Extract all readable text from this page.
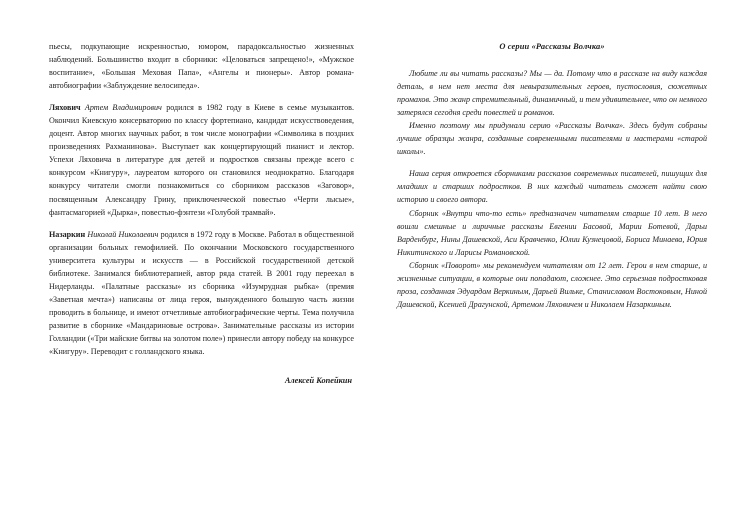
пьесы, подкупающие искренностью, юмором, парадоксальностью жизненных наблюдений. Большинство входит в сборники: «Целоваться запрещено!», «Мужское воспитание», «Большая Меховая Папа», «Ангелы и пионеры». Автор романа-автобиографии «Заблуждение велосипеда».

Ляхович Артем Владимирович родился в 1982 году в Киеве в семье музыкантов. Окончил Киевскую консерваторию по классу фортепиано, кандидат искусствоведения, доцент. Автор многих научных работ, в том числе монографии «Символика в поздних произведениях Рахманинова». Выступает как концертирующий пианист и лектор. Успехи Ляховича в литературе для детей и подростков связаны прежде всего с конкурсом «Книгуру», лауреатом которого он становился неоднократно. Благодаря конкурсу читатели смогли познакомиться со сборником рассказов «Заговор», посвященным Александру Грину, приключенческой повестью «Черти лысые», фантасмагорией «Дырка», повестью-фэнтези «Голубой трамвай».

Назаркин Николай Николаевич родился в 1972 году в Москве. Работал в общественной организации больных гемофилией. По окончании Московского государственного университета культуры и искусств — в Российской государственной детской библиотеке. Занимался библиотерапией, автор ряда статей. В 2001 году переехал в Нидерланды. «Палатные рассказы» из сборника «Изумрудная рыбка» (премия «Заветная мечта») написаны от лица героя, вынужденного большую часть жизни проводить в больнице, и имеют отчетливые автобиографические черты. Тема получила развитие в сборнике «Мандариновые острова». Занимательные рассказы из истории Голландии («Три майские битвы на золотом поле») принесли автору победу на конкурсе «Книгуру». Переводит с голландского языка.

Алексей Копейкин
О серии «Рассказы Волчка»

Любите ли вы читать рассказы? Мы — да. Потому что в рассказе на виду каждая деталь, в нем нет места для невыразительных героев, пустословия, сюжетных промахов. Это жанр стремительный, динамичный, и тем удивительнее, что он немного затерялся сегодня среди повестей и романов.

Именно поэтому мы придумали серию «Рассказы Волчка». Здесь будут собраны лучшие образцы жанра, созданные современными писателями и мастерами «старой школы».

Наша серия откроется сборниками рассказов современных писателей, пишущих для младших и старших подростков. В них каждый читатель сможет найти свою историю и своего автора.

Сборник «Внутри что-то есть» предназначен читателям старше 10 лет. В него вошли смешные и лиричные рассказы Евгении Басовой, Марии Ботевой, Дарьи Варденбург, Нины Дашевской, Аси Кравченко, Юлии Кузнецовой, Бориса Минаева, Юрия Никитинского и Ларисы Романовской.

Сборник «Поворот» мы рекомендуем читателям от 12 лет. Герои в нем старше, и жизненные ситуации, в которые они попадают, сложнее. Это серьезная подростковая проза, созданная Эдуардом Веркиным, Дарьей Вильке, Станиславом Востоковым, Ниной Дашевской, Ксенией Драгунской, Артемом Ляховичем и Николаем Назаркиным.
